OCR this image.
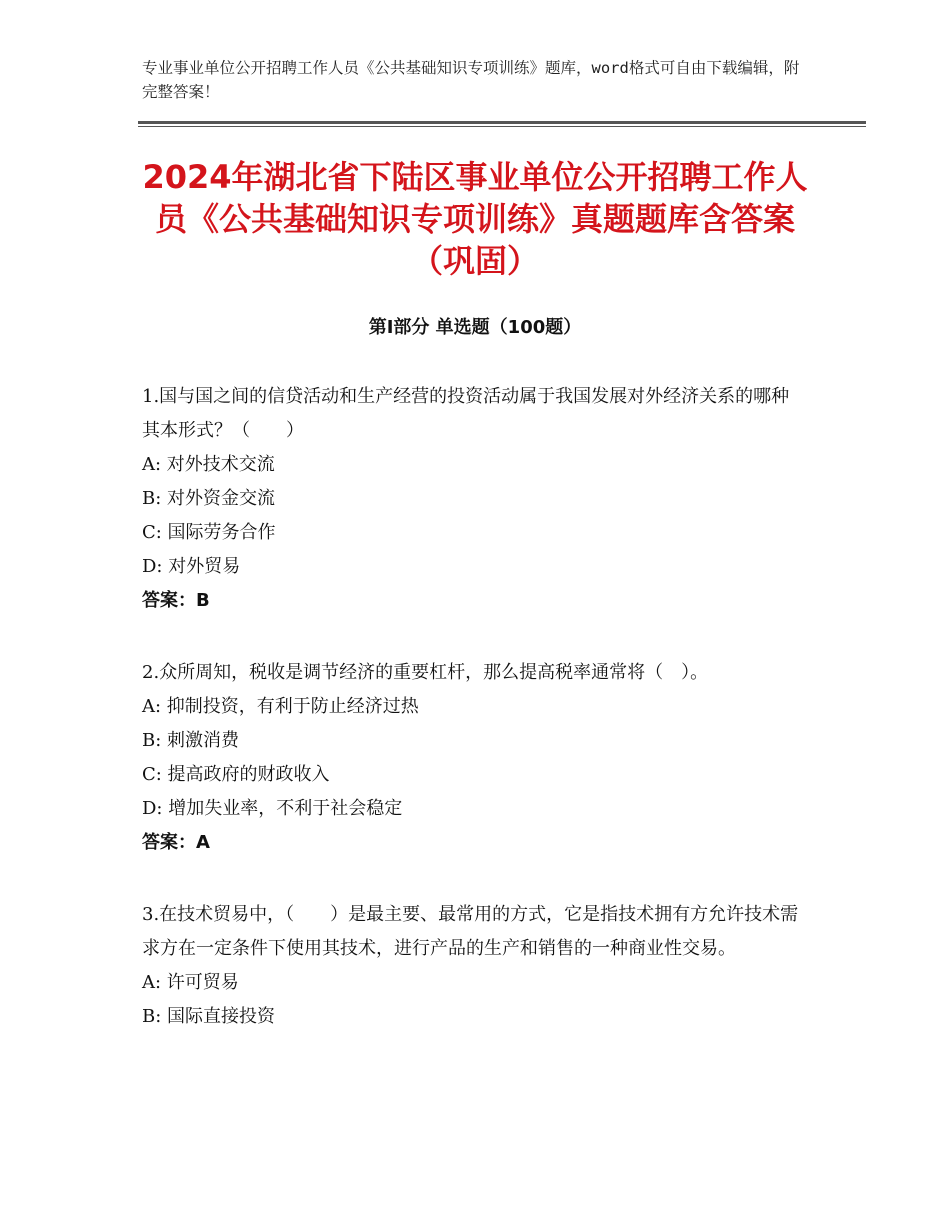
专业事业单位公开招聘工作人员《公共基础知识专项训练》题库，word格式可自由下载编辑，附完整答案！
2024年湖北省下陆区事业单位公开招聘工作人员《公共基础知识专项训练》真题题库含答案（巩固）
第Ⅰ部分 单选题（100题）
1.国与国之间的信贷活动和生产经营的投资活动属于我国发展对外经济关系的哪种其本形式？（　　）
A: 对外技术交流
B: 对外资金交流
C: 国际劳务合作
D: 对外贸易
答案：B
2.众所周知，税收是调节经济的重要杠杆，那么提高税率通常将（　）。
A: 抑制投资，有利于防止经济过热
B: 刺激消费
C: 提高政府的财政收入
D: 增加失业率，不利于社会稳定
答案：A
3.在技术贸易中，（　　）是最主要、最常用的方式，它是指技术拥有方允许技术需求方在一定条件下使用其技术，进行产品的生产和销售的一种商业性交易。
A: 许可贸易
B: 国际直接投资
